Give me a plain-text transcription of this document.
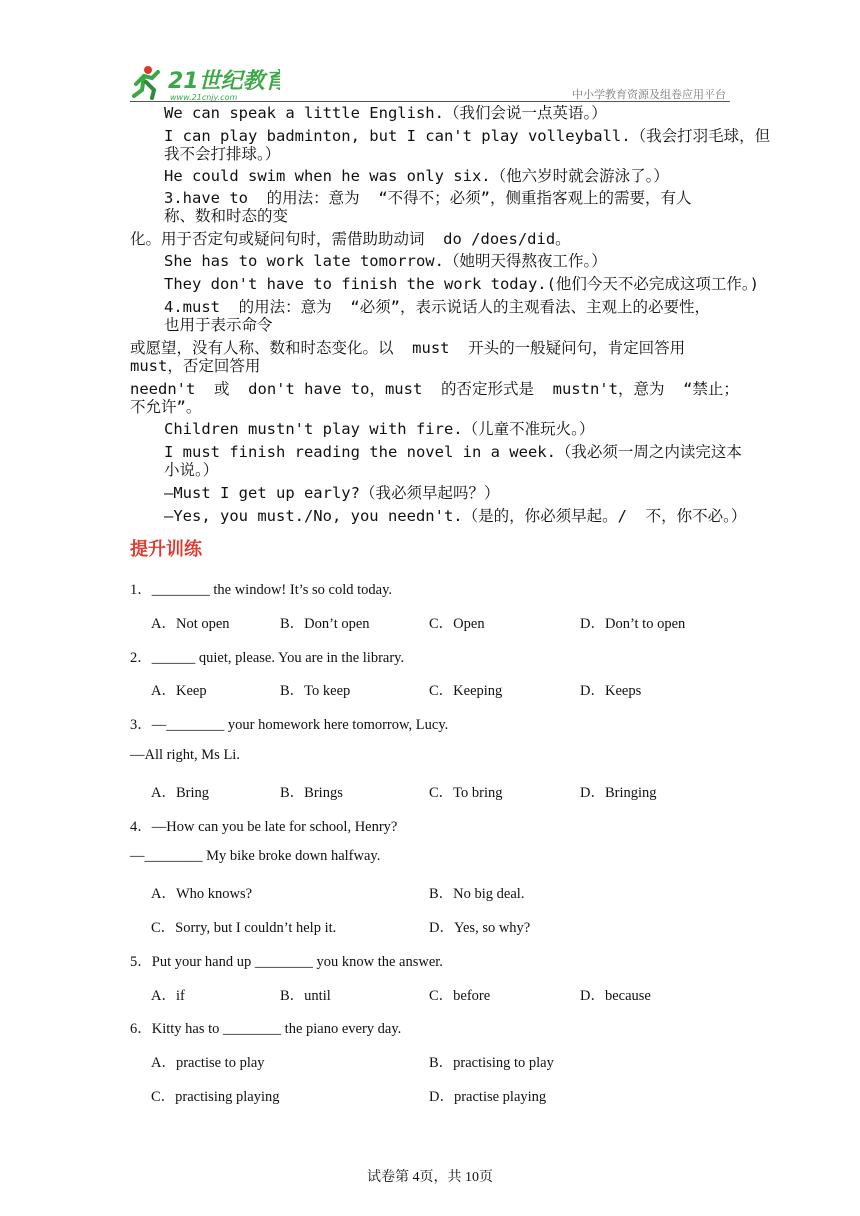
21世纪教育
www.21cnjy.com	中小学教育资源及组卷应用平台
We can speak a little English.（我们会说一点英语。）
I can play badminton, but I can't play volleyball.（我会打羽毛球，但
我不会打排球。）
He could swim when he was only six.（他六岁时就会游泳了。）
3.have to  的用法：意为  “不得不；必须”，侧重指客观上的需要，有人
称、数和时态的变
化。用于否定句或疑问句时，需借助助动词  do /does/did。
She has to work late tomorrow.（她明天得熬夜工作。）
They don't have to finish the work today.(他们今天不必完成这项工作。)
4.must  的用法：意为  “必须”，表示说话人的主观看法、主观上的必要性，
也用于表示命令
或愿望，没有人称、数和时态变化。以  must  开头的一般疑问句，肯定回答用
must，否定回答用
needn't  或  don't have to，must  的否定形式是  mustn't，意为  “禁止；
不允许”。
Children mustn't play with fire.（儿童不准玩火。）
I must finish reading the novel in a week.（我必须一周之内读完这本
小说。）
—Must I get up early?（我必须早起吗？）
—Yes, you must./No, you needn't.（是的，你必须早起。/  不，你不必。）
提升训练
1．________ the window! It’s so cold today.
A．Not open	B．Don’t open	C．Open	D．Don’t to open
2．______ quiet, please. You are in the library.
A．Keep	B．To keep	C．Keeping	D．Keeps
3．—________ your homework here tomorrow, Lucy.
—All right, Ms Li.
A．Bring	B．Brings	C．To bring	D．Bringing
4．—How can you be late for school, Henry?
—________ My bike broke down halfway.
A．Who knows?	B．No big deal.
C．Sorry, but I couldn’t help it.	D．Yes, so why?
5．Put your hand up ________ you know the answer.
A．if	B．until	C．before	D．because
6．Kitty has to ________ the piano every day.
A．practise to play	B．practising to play
C．practising playing	D．practise playing
试卷第 4页，共 10页
